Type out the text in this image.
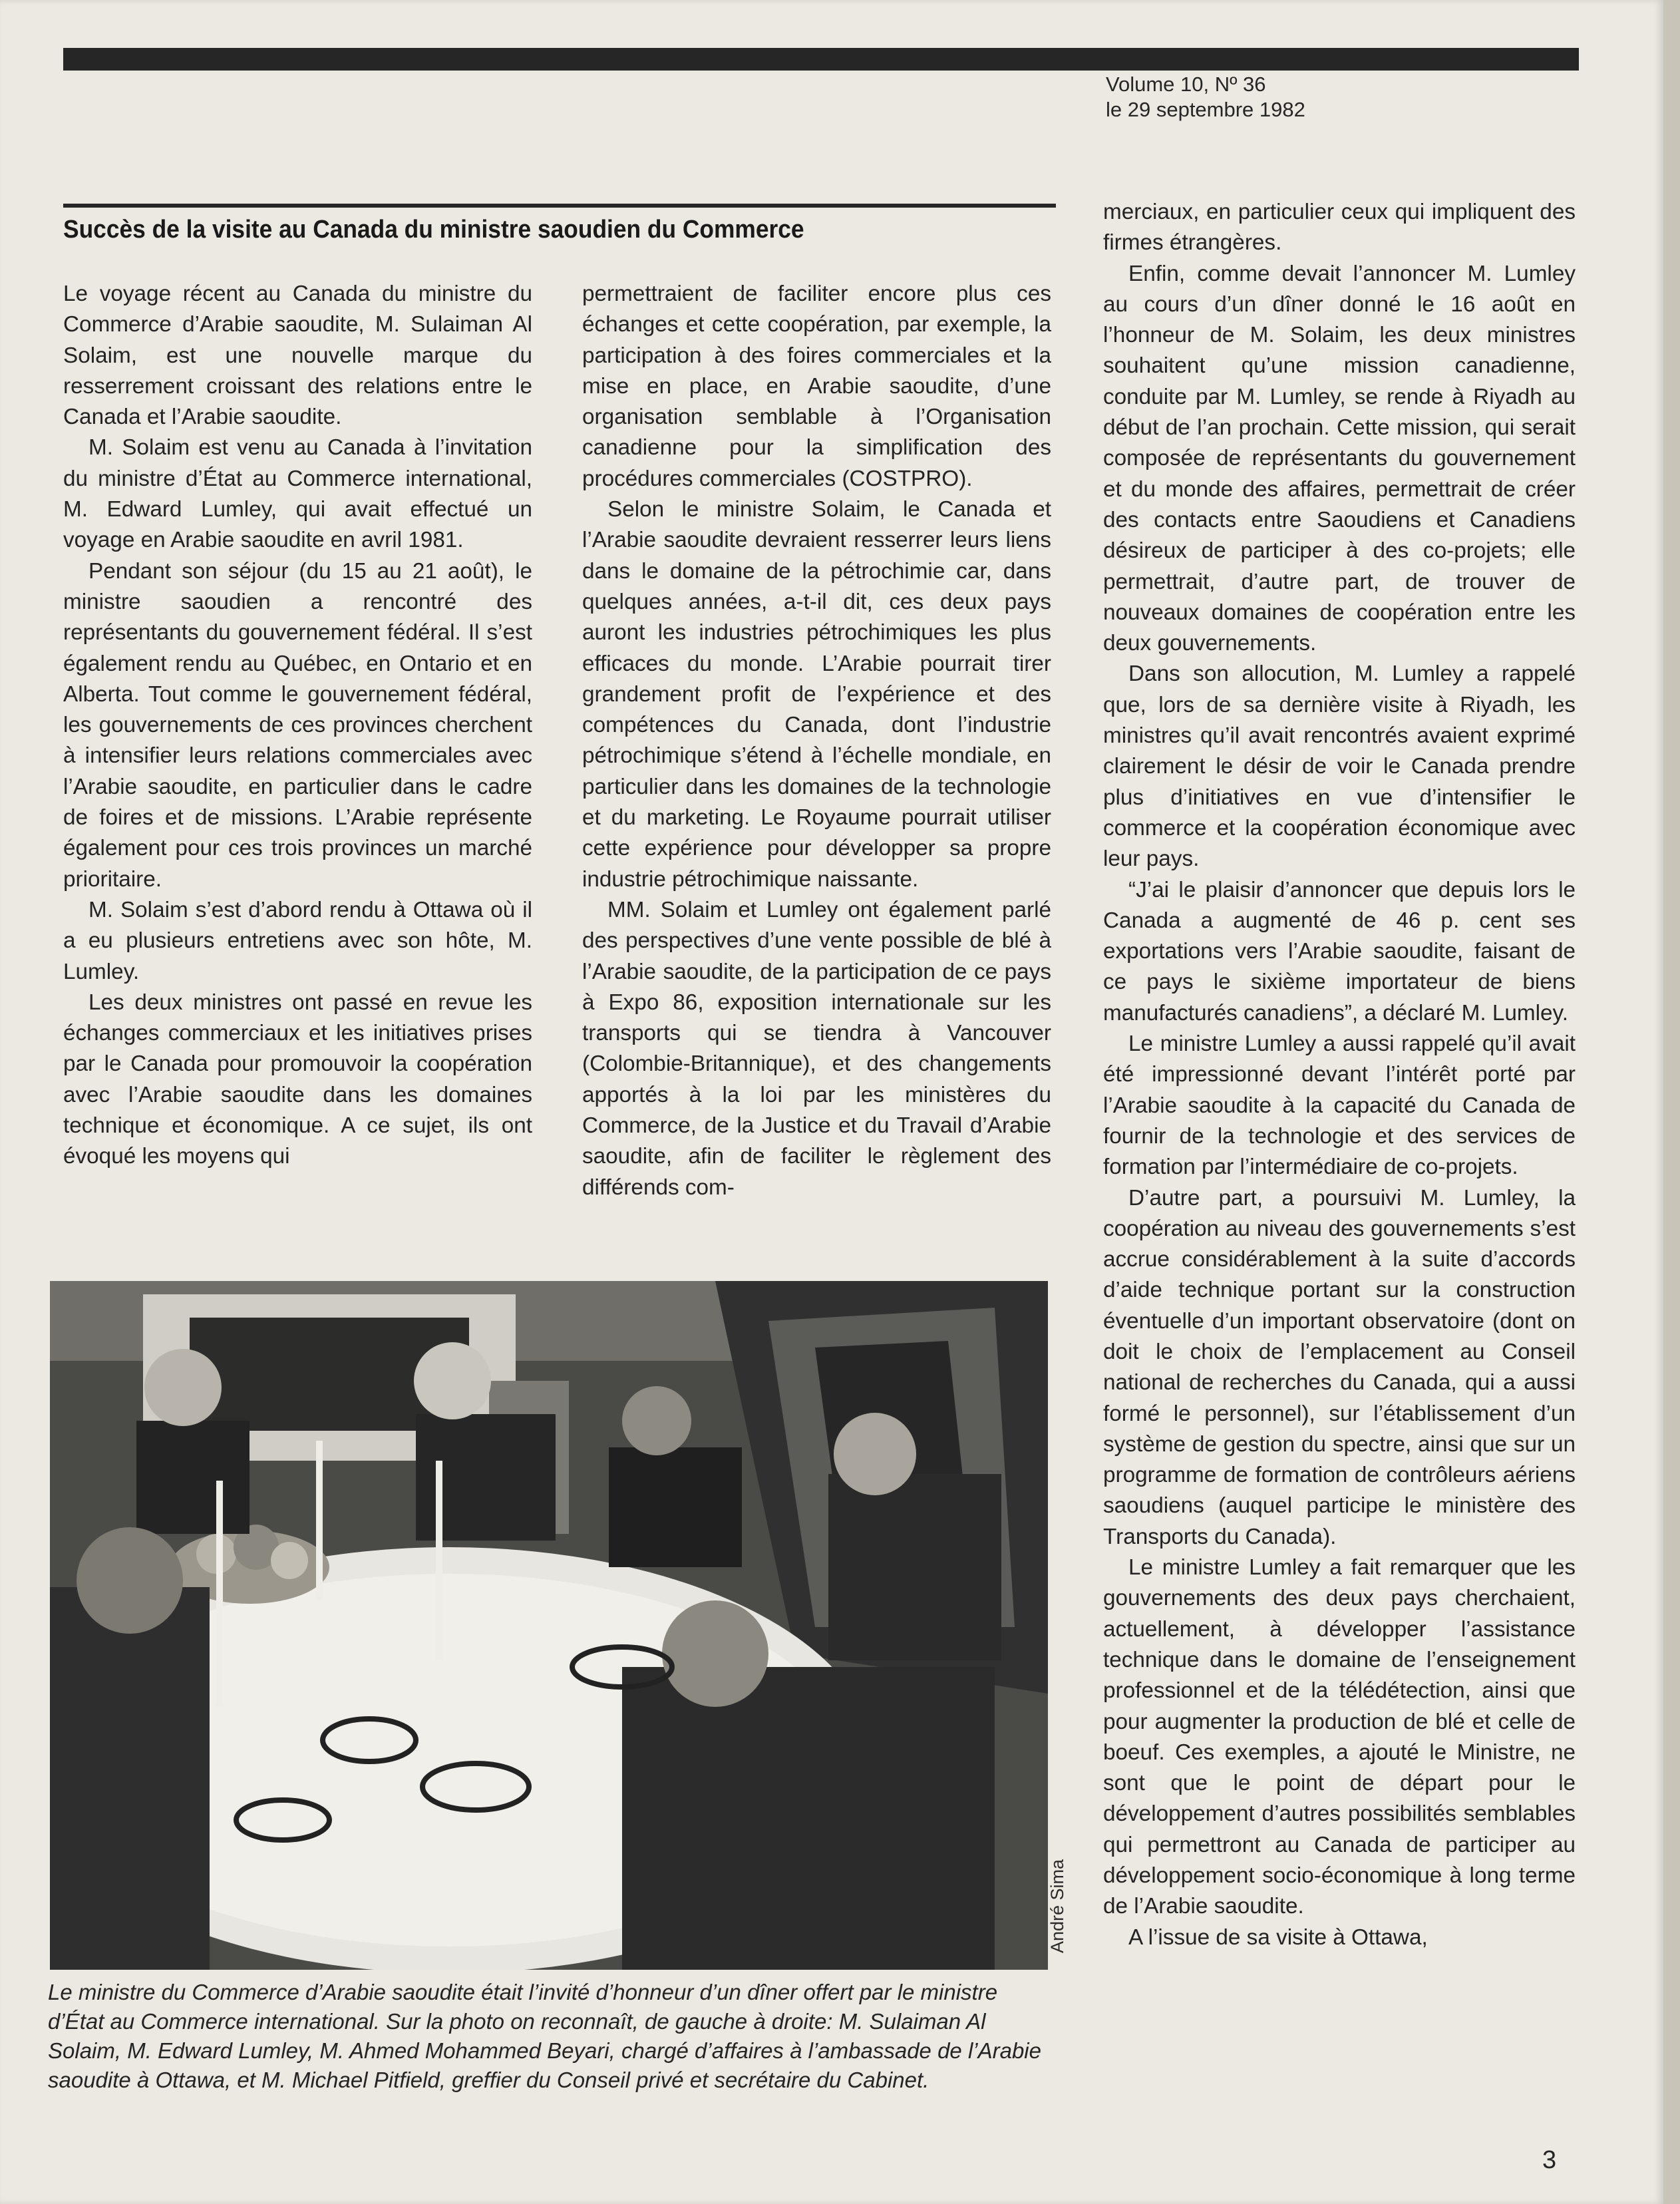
Volume 10, Nº 36
le 29 septembre 1982
Succès de la visite au Canada du ministre saoudien du Commerce

Le voyage récent au Canada du ministre du Commerce d’Arabie saoudite, M. Sulaiman Al Solaim, est une nouvelle marque du resserrement croissant des relations entre le Canada et l’Arabie saoudite.

M. Solaim est venu au Canada à l’invitation du ministre d’État au Commerce international, M. Edward Lumley, qui avait effectué un voyage en Arabie saoudite en avril 1981.

Pendant son séjour (du 15 au 21 août), le ministre saoudien a rencontré des représentants du gouvernement fédéral. Il s’est également rendu au Québec, en Ontario et en Alberta. Tout comme le gouvernement fédéral, les gouvernements de ces provinces cherchent à intensifier leurs relations commerciales avec l’Arabie saoudite, en particulier dans le cadre de foires et de missions. L’Arabie représente également pour ces trois provinces un marché prioritaire.

M. Solaim s’est d’abord rendu à Ottawa où il a eu plusieurs entretiens avec son hôte, M. Lumley.

Les deux ministres ont passé en revue les échanges commerciaux et les initiatives prises par le Canada pour promouvoir la coopération avec l’Arabie saoudite dans les domaines technique et économique. A ce sujet, ils ont évoqué les moyens qui

permettraient de faciliter encore plus ces échanges et cette coopération, par exemple, la participation à des foires commerciales et la mise en place, en Arabie saoudite, d’une organisation semblable à l’Organisation canadienne pour la simplification des procédures commerciales (COSTPRO).

Selon le ministre Solaim, le Canada et l’Arabie saoudite devraient resserrer leurs liens dans le domaine de la pétrochimie car, dans quelques années, a-t-il dit, ces deux pays auront les industries pétrochimiques les plus efficaces du monde. L’Arabie pourrait tirer grandement profit de l’expérience et des compétences du Canada, dont l’industrie pétrochimique s’étend à l’échelle mondiale, en particulier dans les domaines de la technologie et du marketing. Le Royaume pourrait utiliser cette expérience pour développer sa propre industrie pétrochimique naissante.

MM. Solaim et Lumley ont également parlé des perspectives d’une vente possible de blé à l’Arabie saoudite, de la participation de ce pays à Expo 86, exposition internationale sur les transports qui se tiendra à Vancouver (Colombie-Britannique), et des changements apportés à la loi par les ministères du Commerce, de la Justice et du Travail d’Arabie saoudite, afin de faciliter le règlement des différends com-

merciaux, en particulier ceux qui impliquent des firmes étrangères.

Enfin, comme devait l’annoncer M. Lumley au cours d’un dîner donné le 16 août en l’honneur de M. Solaim, les deux ministres souhaitent qu’une mission canadienne, conduite par M. Lumley, se rende à Riyadh au début de l’an prochain. Cette mission, qui serait composée de représentants du gouvernement et du monde des affaires, permettrait de créer des contacts entre Saoudiens et Canadiens désireux de participer à des co-projets; elle permettrait, d’autre part, de trouver de nouveaux domaines de coopération entre les deux gouvernements.

Dans son allocution, M. Lumley a rappelé que, lors de sa dernière visite à Riyadh, les ministres qu’il avait rencontrés avaient exprimé clairement le désir de voir le Canada prendre plus d’initiatives en vue d’intensifier le commerce et la coopération économique avec leur pays.

“J’ai le plaisir d’annoncer que depuis lors le Canada a augmenté de 46 p. cent ses exportations vers l’Arabie saoudite, faisant de ce pays le sixième importateur de biens manufacturés canadiens”, a déclaré M. Lumley.

Le ministre Lumley a aussi rappelé qu’il avait été impressionné devant l’intérêt porté par l’Arabie saoudite à la capacité du Canada de fournir de la technologie et des services de formation par l’intermédiaire de co-projets.

D’autre part, a poursuivi M. Lumley, la coopération au niveau des gouvernements s’est accrue considérablement à la suite d’accords d’aide technique portant sur la construction éventuelle d’un important observatoire (dont on doit le choix de l’emplacement au Conseil national de recherches du Canada, qui a aussi formé le personnel), sur l’établissement d’un système de gestion du spectre, ainsi que sur un programme de formation de contrôleurs aériens saoudiens (auquel participe le ministère des Transports du Canada).

Le ministre Lumley a fait remarquer que les gouvernements des deux pays cherchaient, actuellement, à développer l’assistance technique dans le domaine de l’enseignement professionnel et de la télédétection, ainsi que pour augmenter la production de blé et celle de boeuf. Ces exemples, a ajouté le Ministre, ne sont que le point de départ pour le développement d’autres possibilités semblables qui permettront au Canada de participer au développement socio-économique à long terme de l’Arabie saoudite.

A l’issue de sa visite à Ottawa,

André Sima
Le ministre du Commerce d’Arabie saoudite était l’invité d’honneur d’un dîner offert par le ministre d’État au Commerce international. Sur la photo on reconnaît, de gauche à droite: M. Sulaiman Al Solaim, M. Edward Lumley, M. Ahmed Mohammed Beyari, chargé d’affaires à l’ambassade de l’Arabie saoudite à Ottawa, et M. Michael Pitfield, greffier du Conseil privé et secrétaire du Cabinet.
3
